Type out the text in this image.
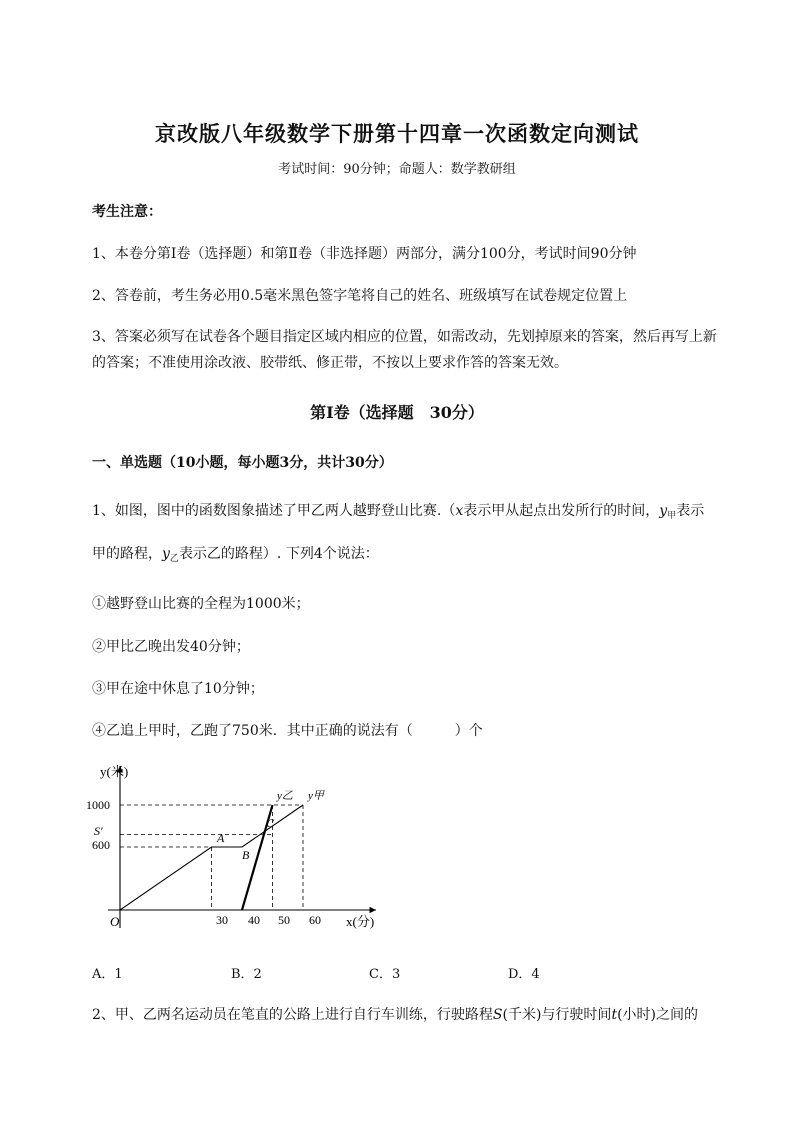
京改版八年级数学下册第十四章一次函数定向测试
考试时间：90分钟；命题人：数学教研组
考生注意：
1、本卷分第I卷（选择题）和第Ⅱ卷（非选择题）两部分，满分100分，考试时间90分钟
2、答卷前，考生务必用0.5毫米黑色签字笔将自己的姓名、班级填写在试卷规定位置上
3、答案必须写在试卷各个题目指定区域内相应的位置，如需改动，先划掉原来的答案，然后再写上新
的答案；不准使用涂改液、胶带纸、修正带，不按以上要求作答的答案无效。
第I卷（选择题　30分）
一、单选题（10小题，每小题3分，共计30分）
1、如图，图中的函数图象描述了甲乙两人越野登山比赛.（x表示甲从起点出发所行的时间，$y_甲$表示
甲的路程，$y_乙$表示乙的路程）. 下列4个说法：
①越野登山比赛的全程为1000米；
②甲比乙晚出发40分钟；
③甲在途中休息了10分钟；
④乙追上甲时，乙跑了750米．其中正确的说法有（　　　）个
y(米)
x(分)
O
1000
S′
600
30 40 50 60
A
B
C
y乙 y甲
A．1	B．2	C．3	D．4
2、甲、乙两名运动员在笔直的公路上进行自行车训练，行驶路程S(千米)与行驶时间t(小时)之间的
